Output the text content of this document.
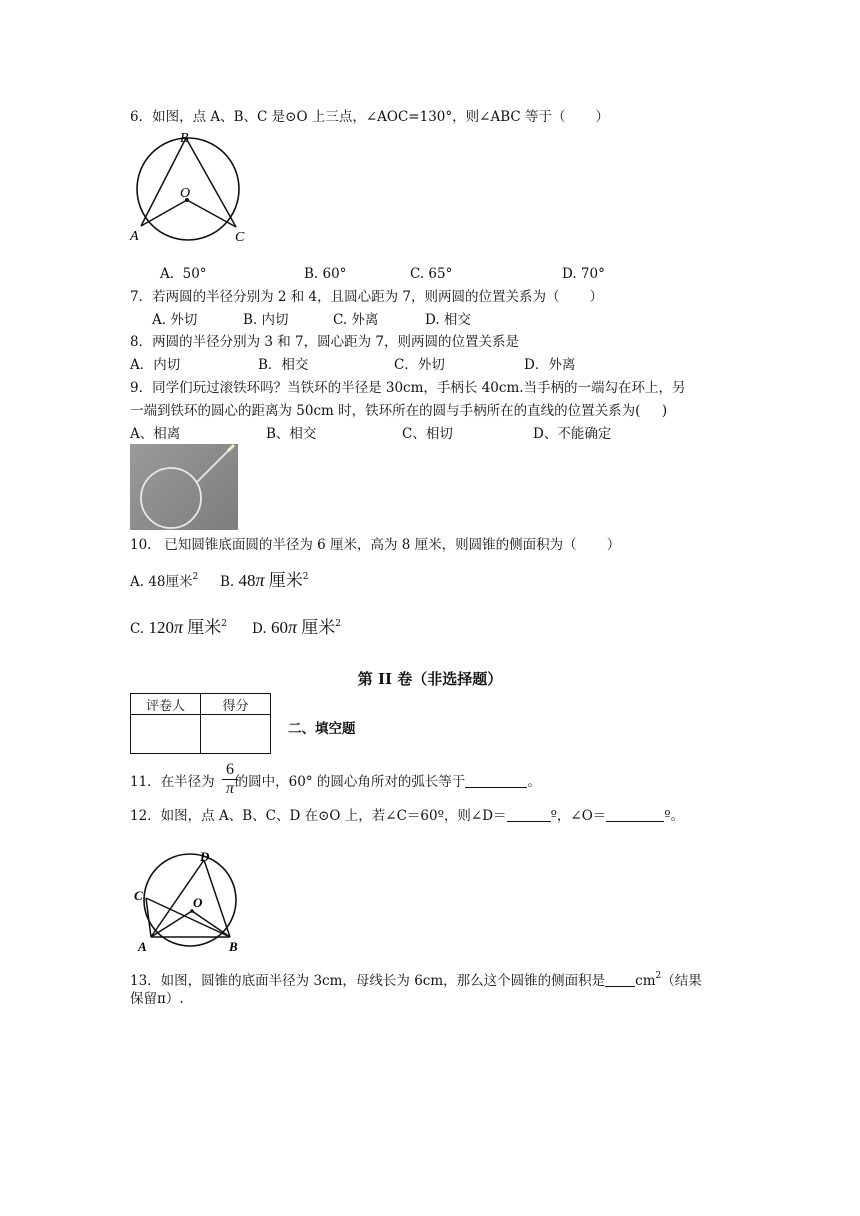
6．如图，点 A、B、C 是⊙O 上三点，∠AOC=130°，则∠ABC 等于（       ）
B
O
A	C
A.  50°	B. 60°	C. 65°	D. 70°
7．若两圆的半径分别为 2 和 4，且圆心距为 7，则两圆的位置关系为（       ）
A. 外切	B. 内切	C. 外离	D. 相交
8．两圆的半径分别为 3 和 7，圆心距为 7，则两圆的位置关系是
A．内切	B．相交	C．外切	D．外离
9．同学们玩过滚铁环吗？当铁环的半径是 30cm，手柄长 40cm.当手柄的一端勾在环上，另
一端到铁环的圆心的距离为 50cm 时，铁环所在的圆与手柄所在的直线的位置关系为(     )
A、相离	B、相交	C、相切	D、不能确定
10.   已知圆锥底面圆的半径为 6 厘米，高为 8 厘米，则圆锥的侧面积为（       ）
A. 48厘米$^2$ B. 48π 厘米$^2$
C. 120π 厘米$^2$ D. 60π 厘米$^2$
第 II 卷（非选择题）
评卷人	得分

二、填空题
11．在半径为 的圆中，60° 的圆心角所对的弧长等于	。
6
π
12．如图，点 A、B、C、D 在⊙O 上，若∠C＝60º，则∠D＝	º，∠O＝	º。
D
C	O
A	B
13．如图，圆锥的底面半径为 3cm，母线长为 6cm，那么这个圆锥的侧面积是 $cm^2$（结果
保留π）.
